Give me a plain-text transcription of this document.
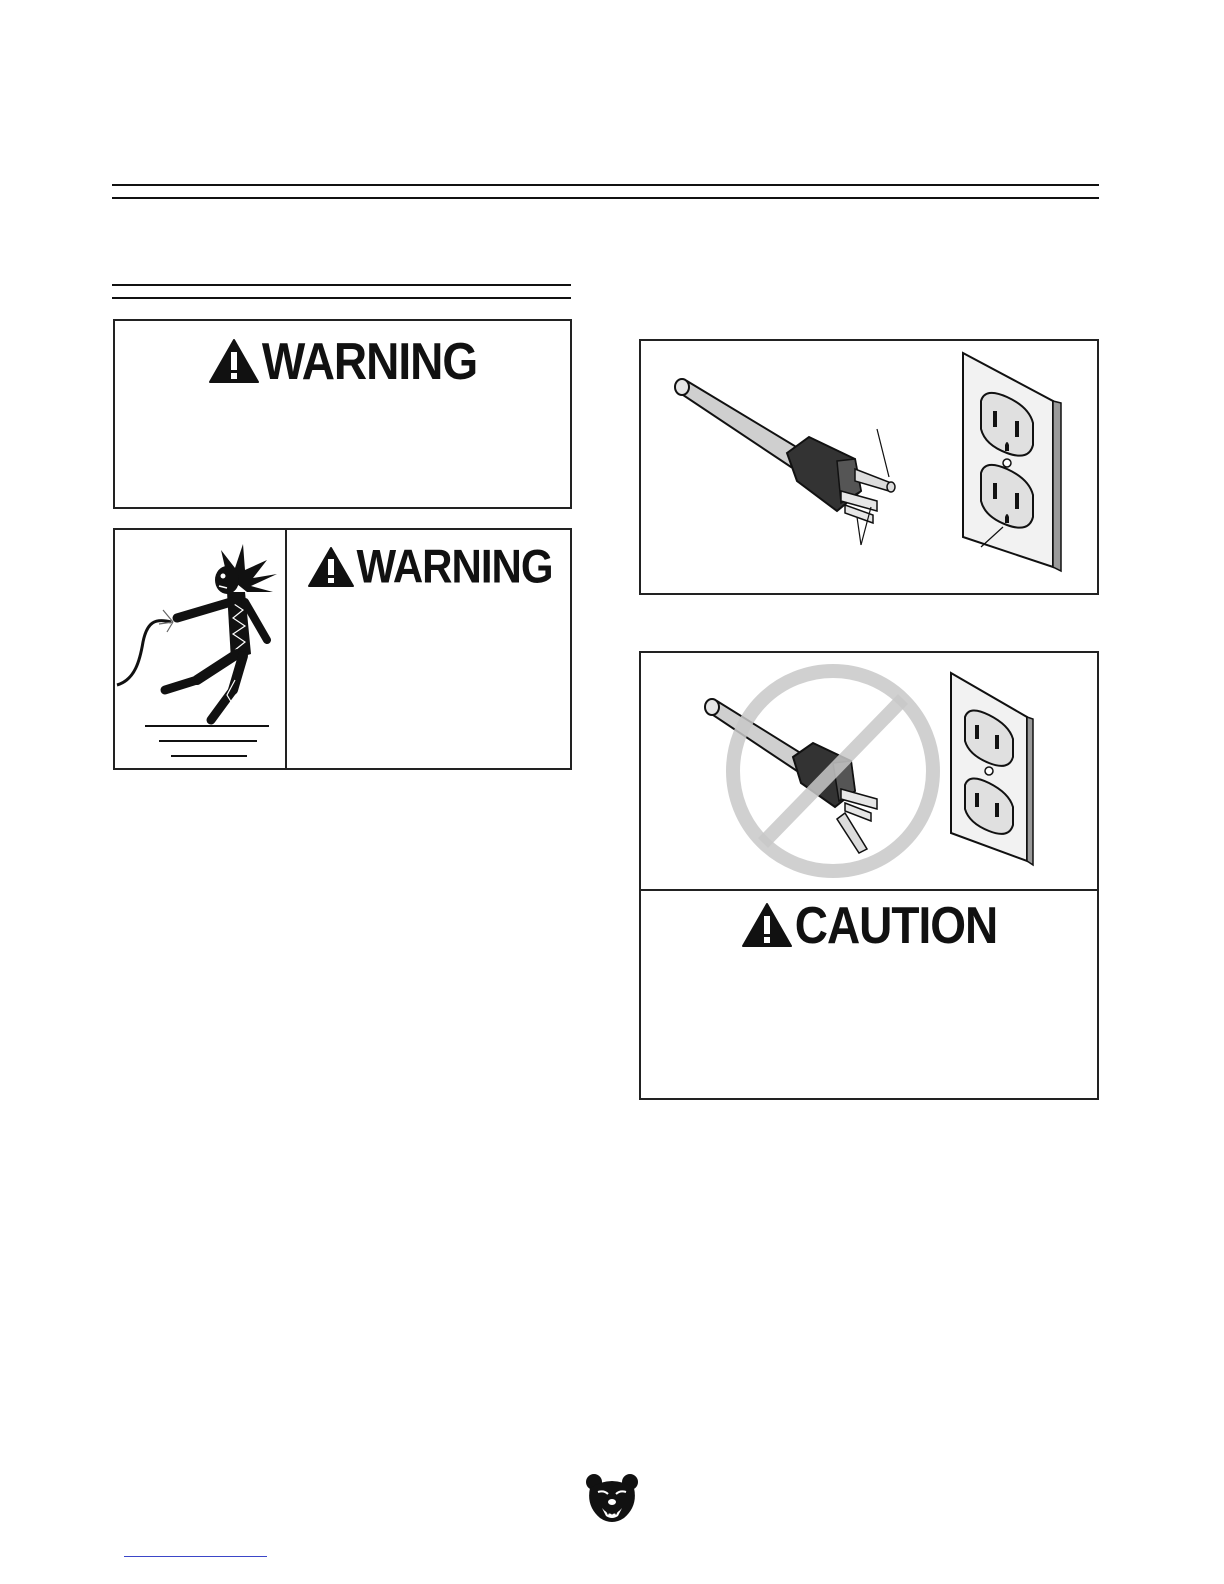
WARNING
WARNING
CAUTION
